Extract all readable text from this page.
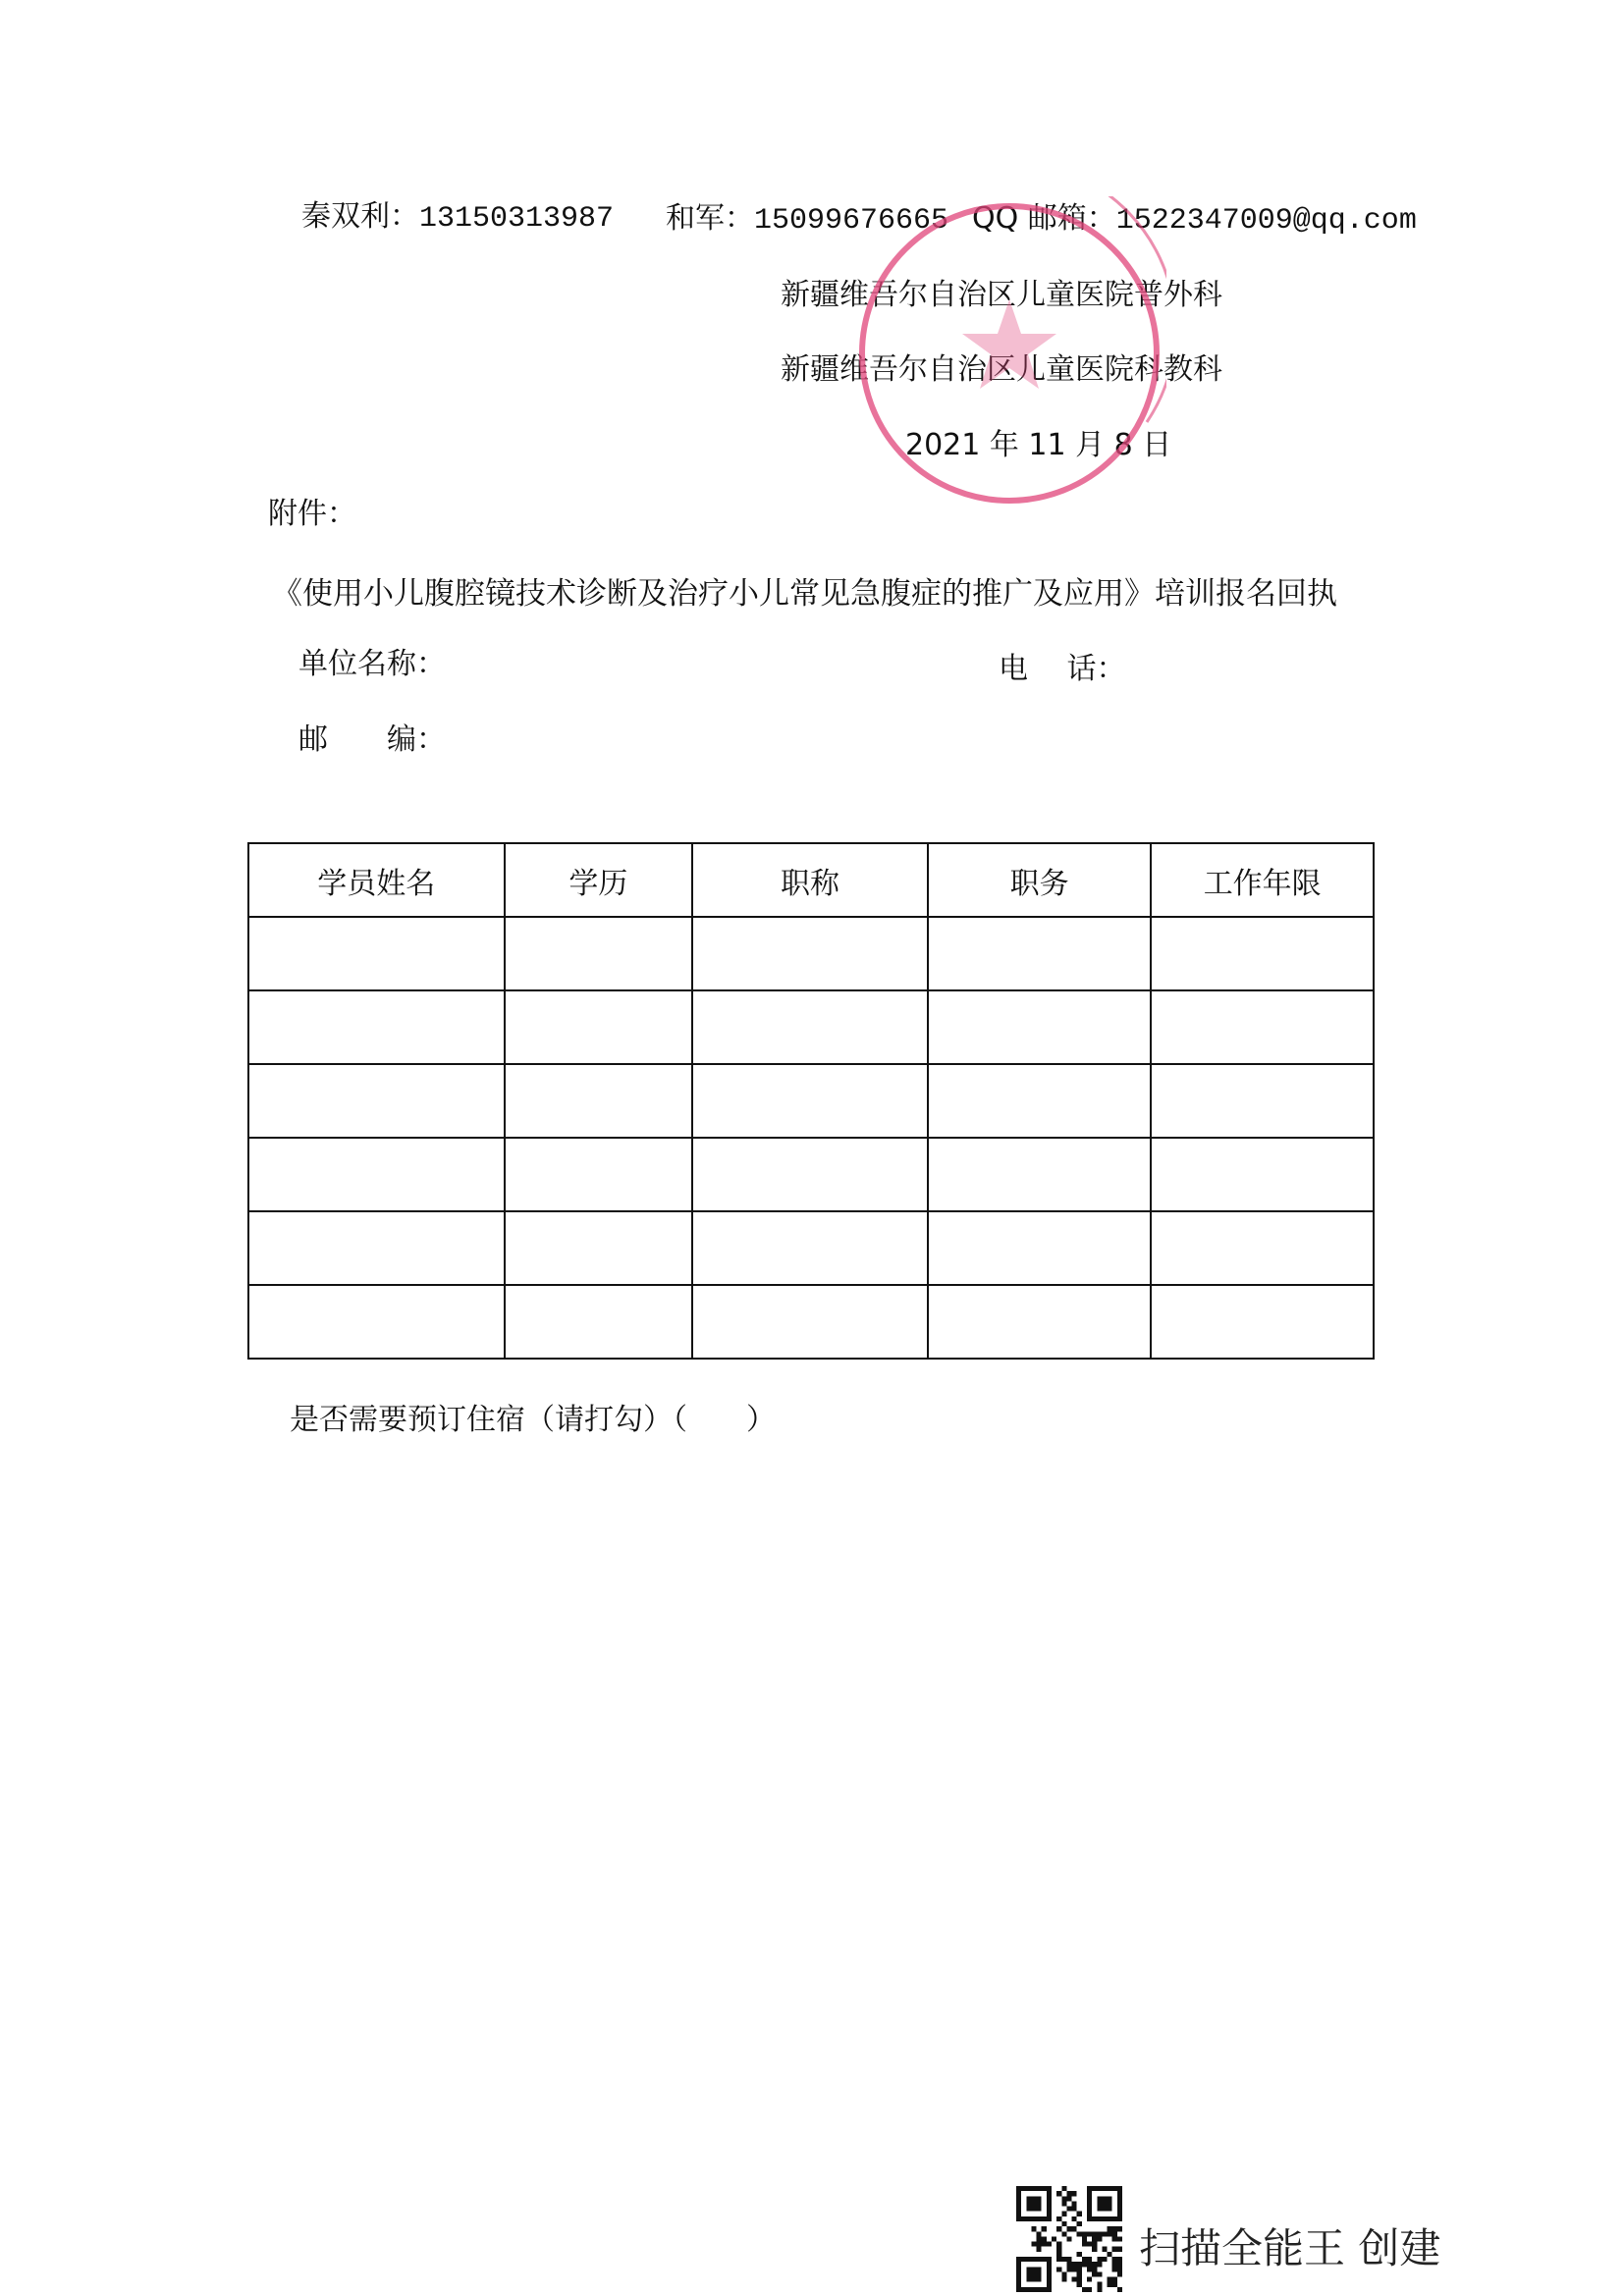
秦双利：13150313987 和军：15099676665 QQ 邮箱：1522347009@qq.com
新疆维吾尔自治区儿童医院普外科
新疆维吾尔自治区儿童医院科教科
2021 年 11 月 8 日
附件：
《使用小儿腹腔镜技术诊断及治疗小儿常见急腹症的推广及应用》培训报名回执
单位名称：	电　 话：
邮　　编：
学员姓名	学历	职称	职务	工作年限

是否需要预订住宿（请打勾）（　　）
扫描全能王 创建
